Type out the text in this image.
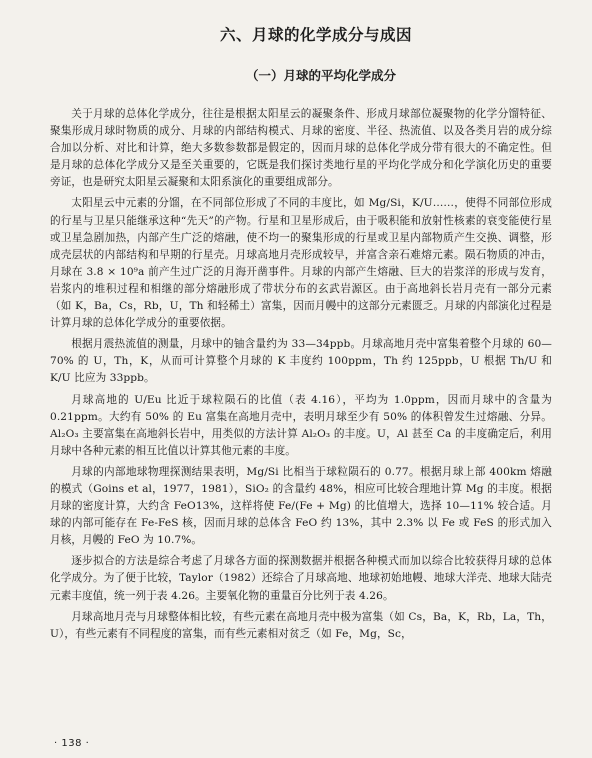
六、月球的化学成分与成因
（一）月球的平均化学成分

关于月球的总体化学成分，往往是根据太阳星云的凝聚条件、形成月球部位凝聚物的化学分馏特征、聚集形成月球时物质的成分、月球的内部结构模式、月球的密度、半径、热流值、以及各类月岩的成分综合加以分析、对比和计算，绝大多数参数都是假定的，因而月球的总体化学成分带有很大的不确定性。但是月球的总体化学成分又是至关重要的，它既是我们探讨类地行星的平均化学成分和化学演化历史的重要旁证，也是研究太阳星云凝聚和太阳系演化的重要组成部分。

太阳星云中元素的分馏，在不同部位形成了不同的丰度比，如 Mg/Si，K/U……，使得不同部位形成的行星与卫星只能继承这种“先天”的产物。行星和卫星形成后，由于吸积能和放射性核素的衰变能使行星或卫星急剧加热，内部产生广泛的熔融，使不均一的聚集形成的行星或卫星内部物质产生交换、调整，形成壳层状的内部结构和早期的行星壳。月球高地月壳形成较早，并富含亲石难熔元素。陨石物质的冲击，月球在 3.8 × 10⁹a 前产生过广泛的月海开凿事件。月球的内部产生熔融、巨大的岩浆洋的形成与发育，岩浆内的堆积过程和相继的部分熔融形成了带状分布的玄武岩源区。由于高地斜长岩月壳有一部分元素（如 K，Ba，Cs，Rb，U，Th 和轻稀土）富集，因而月幔中的这部分元素匮乏。月球的内部演化过程是计算月球的总体化学成分的重要依据。

根据月震热流值的测量，月球中的铀含量约为 33—34ppb。月球高地月壳中富集着整个月球的 60—70% 的 U，Th，K，从而可计算整个月球的 K 丰度约 100ppm，Th 约 125ppb，U 根据 Th/U 和 K/U 比应为 33ppb。

月球高地的 U/Eu 比近于球粒陨石的比值（表 4.16），平均为 1.0ppm，因而月球中的含量为 0.21ppm。大约有 50% 的 Eu 富集在高地月壳中，表明月球至少有 50% 的体积曾发生过熔融、分异。Al₂O₃ 主要富集在高地斜长岩中，用类似的方法计算 Al₂O₃ 的丰度。U，Al 甚至 Ca 的丰度确定后，利用月球中各种元素的相互比值以计算其他元素的丰度。

月球的内部地球物理探测结果表明，Mg/Si 比相当于球粒陨石的 0.77。根据月球上部 400km 熔融的模式（Goins et al，1977，1981），SiO₂ 的含量约 48%，相应可比较合理地计算 Mg 的丰度。根据月球的密度计算，大约含 FeO13%，这样将使 Fe/(Fe + Mg) 的比值增大，选择 10—11% 较合适。月球的内部可能存在 Fe-FeS 核，因而月球的总体含 FeO 约 13%，其中 2.3% 以 Fe 或 FeS 的形式加入月核，月幔的 FeO 为 10.7%。

逐步拟合的方法是综合考虑了月球各方面的探测数据并根据各种模式而加以综合比较获得月球的总体化学成分。为了便于比较，Taylor（1982）还综合了月球高地、地球初始地幔、地球大洋壳、地球大陆壳元素丰度值，统一列于表 4.26。主要氧化物的重量百分比列于表 4.26。

月球高地月壳与月球整体相比较，有些元素在高地月壳中极为富集（如 Cs，Ba，K，Rb，La，Th，U），有些元素有不同程度的富集，而有些元素相对贫乏（如 Fe，Mg，Sc，

· 138 ·
